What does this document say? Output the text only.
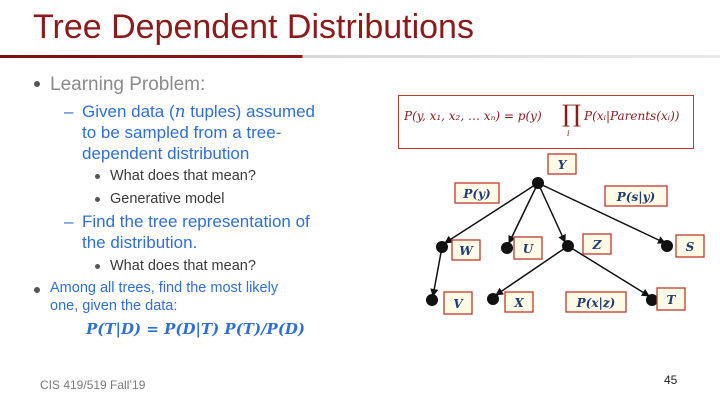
Tree Dependent Distributions
Learning Problem:
– Given data (n tuples) assumed
to be sampled from a tree-
dependent distribution
What does that mean?
Generative model
– Find the tree representation of
the distribution.
What does that mean?
Among all trees, find the most likely
one, given the data:
P(T|D) = P(D|T) P(T)/P(D)
P(y, x₁, x₂, … xₙ) = p(y) ∏
i
P(xᵢ|Parents(xᵢ))
Y
P(y)	P(s|y)
W	U	Z	S
V	X	P(x|z)	T
CIS 419/519 Fall’19	45
